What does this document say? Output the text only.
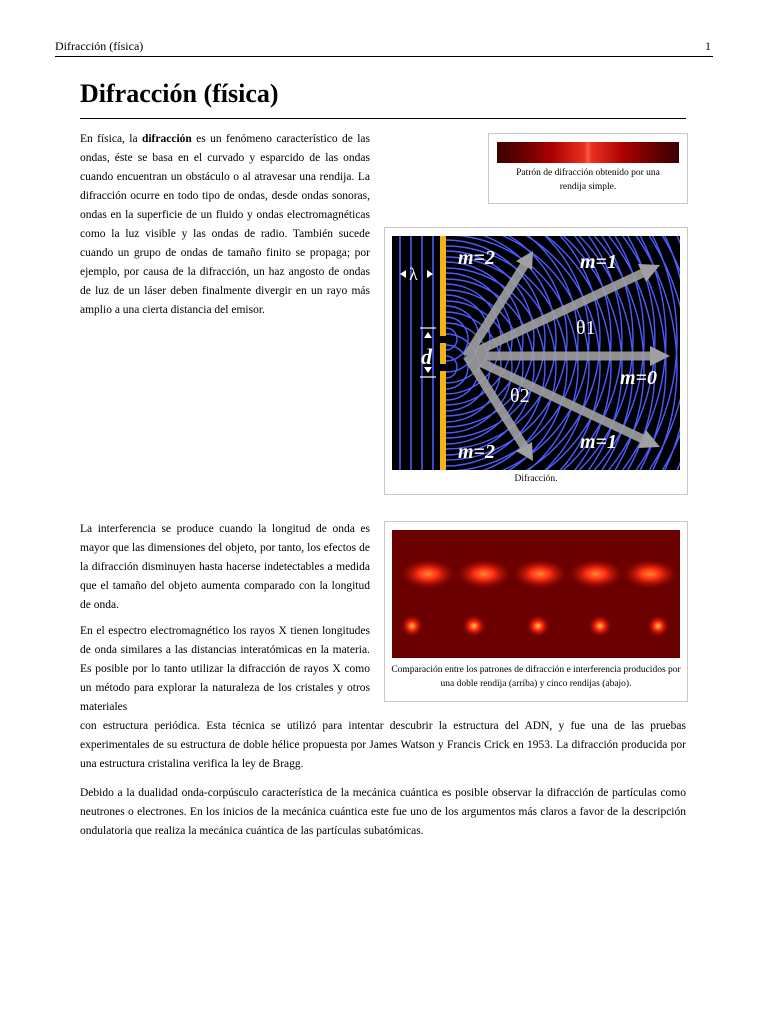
Difracción (física)	1
Difracción (física)

En física, la difracción es un fenómeno característico de las ondas, éste se basa en el curvado y esparcido de las ondas cuando encuentran un obstáculo o al atravesar una rendija. La difracción ocurre en todo tipo de ondas, desde ondas sonoras, ondas en la superficie de un fluido y ondas electromagnéticas como la luz visible y las ondas de radio. También sucede cuando un grupo de ondas de tamaño finito se propaga; por ejemplo, por causa de la difracción, un haz angosto de ondas de luz de un láser deben finalmente divergir en un rayo más amplio a una cierta distancia del emisor.

Patrón de difracción obtenido por una rendija simple.
m=2	m=1
m=0
m=2	m=1
θ1
θ2
λ
d
Difracción.
Comparación entre los patrones de difracción e interferencia producidos por una doble rendija (arriba) y cinco rendijas (abajo).

La interferencia se produce cuando la longitud de onda es mayor que las dimensiones del objeto, por tanto, los efectos de la difracción disminuyen hasta hacerse indetectables a medida que el tamaño del objeto aumenta comparado con la longitud de onda.

En el espectro electromagnético los rayos X tienen longitudes de onda similares a las distancias interatómicas en la materia. Es posible por lo tanto utilizar la difracción de rayos X como un método para explorar la naturaleza de los cristales y otros materiales

con estructura periódica. Esta técnica se utilizó para intentar descubrir la estructura del ADN, y fue una de las pruebas experimentales de su estructura de doble hélice propuesta por James Watson y Francis Crick en 1953. La difracción producida por una estructura cristalina verifica la ley de Bragg.

Debido a la dualidad onda-corpúsculo característica de la mecánica cuántica es posible observar la difracción de partículas como neutrones o electrones. En los inicios de la mecánica cuántica este fue uno de los argumentos más claros a favor de la descripción ondulatoria que realiza la mecánica cuántica de las partículas subatómicas.
